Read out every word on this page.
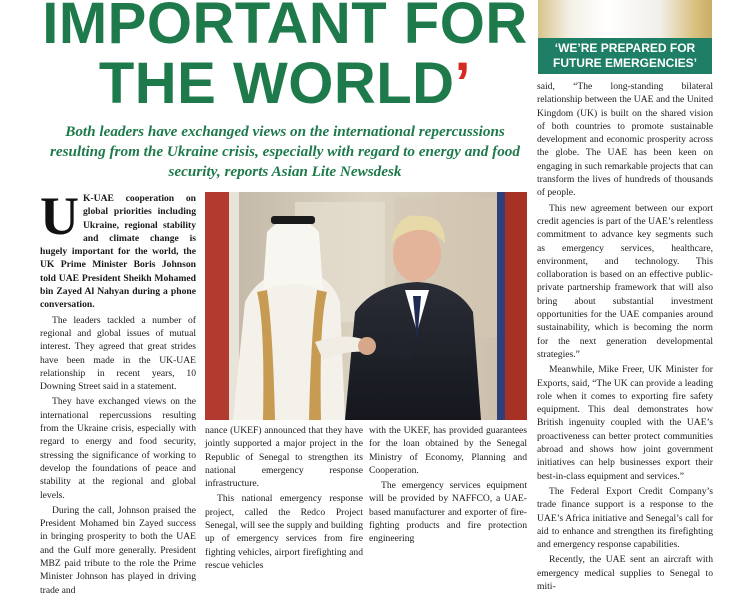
IMPORTANT FOR
THE WORLD’
Both leaders have exchanged views on the international repercussions resulting from the Ukraine crisis, especially with regard to energy and food security, reports Asian Lite Newsdesk
‘WE’RE PREPARED FOR
FUTURE EMERGENCIES’
U K-UAE cooperation on global priorities including Ukraine, regional stability and climate change is hugely important for the world, the UK Prime Minister Boris Johnson told UAE President Sheikh Mohamed bin Zayed Al Nahyan during a phone conversation.

The leaders tackled a number of regional and global issues of mutual interest. They agreed that great strides have been made in the UK-UAE relationship in recent years, 10 Downing Street said in a statement.

They have exchanged views on the international repercussions resulting from the Ukraine crisis, especially with regard to energy and food security, stressing the significance of working to develop the foundations of peace and stability at the regional and global levels.

During the call, Johnson praised the President Mohamed bin Zayed success in bringing prosperity to both the UAE and the Gulf more generally. President MBZ paid tribute to the role the Prime Minister Johnson has played in driving trade and

nance (UKEF) announced that they have jointly supported a major project in the Republic of Senegal to strengthen its national emergency response infrastructure.

This national emergency response project, called the Redco Project Senegal, will see the supply and building up of emergency services from fire fighting vehicles, airport firefighting and rescue vehicles

with the UKEF, has provided guarantees for the loan obtained by the Senegal Ministry of Economy, Planning and Cooperation.

The emergency services equipment will be provided by NAFFCO, a UAE-based manufacturer and exporter of fire-fighting products and fire protection engineering

said, “The long-standing bilateral relationship between the UAE and the United Kingdom (UK) is built on the shared vision of both countries to promote sustainable development and economic prosperity across the globe. The UAE has been keen on engaging in such remarkable projects that can transform the lives of hundreds of thousands of people.

This new agreement between our export credit agencies is part of the UAE’s relentless commitment to advance key segments such as emergency services, healthcare, environment, and technology. This collaboration is based on an effective public-private partnership framework that will also bring about substantial investment opportunities for the UAE companies around sustainability, which is becoming the norm for the next generation developmental strategies.”

Meanwhile, Mike Freer, UK Minister for Exports, said, “The UK can provide a leading role when it comes to exporting fire safety equipment. This deal demonstrates how British ingenuity coupled with the UAE’s proactiveness can better protect communities abroad and shows how joint government initiatives can help businesses export their best-in-class equipment and services.”

The Federal Export Credit Company’s trade finance support is a response to the UAE’s Africa initiative and Senegal’s call for aid to enhance and strengthen its firefighting and emergency response capabilities.

Recently, the UAE sent an aircraft with emergency medical supplies to Senegal to miti-
